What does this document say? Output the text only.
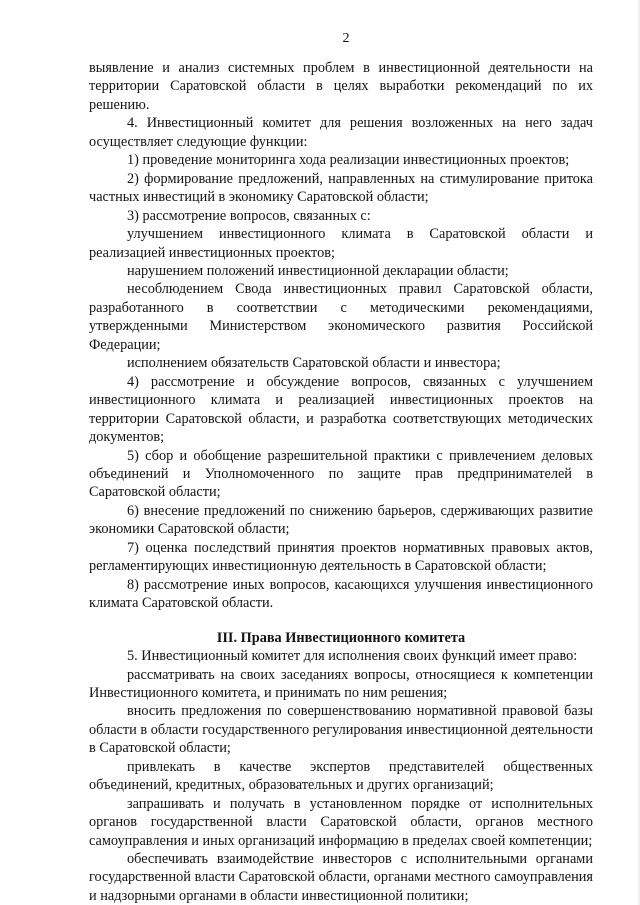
2

выявление и анализ системных проблем в инвестиционной деятельности на территории Саратовской области в целях выработки рекомендаций по их решению.

4. Инвестиционный комитет для решения возложенных на него задач осуществляет следующие функции:

1) проведение мониторинга хода реализации инвестиционных проектов;

2) формирование предложений, направленных на стимулирование притока частных инвестиций в экономику Саратовской области;

3) рассмотрение вопросов, связанных с:

улучшением инвестиционного климата в Саратовской области и реализацией инвестиционных проектов;

нарушением положений инвестиционной декларации области;

несоблюдением Свода инвестиционных правил Саратовской области, разработанного в соответствии с методическими рекомендациями, утвержденными Министерством экономического развития Российской Федерации;

исполнением обязательств Саратовской области и инвестора;

4) рассмотрение и обсуждение вопросов, связанных с улучшением инвестиционного климата и реализацией инвестиционных проектов на территории Саратовской области, и разработка соответствующих методических документов;

5) сбор и обобщение разрешительной практики с привлечением деловых объединений и Уполномоченного по защите прав предпринимателей в Саратовской области;

6) внесение предложений по снижению барьеров, сдерживающих развитие экономики Саратовской области;

7) оценка последствий принятия проектов нормативных правовых актов, регламентирующих инвестиционную деятельность в Саратовской области;

8) рассмотрение иных вопросов, касающихся улучшения инвестиционного климата Саратовской области.

III. Права Инвестиционного комитета

5. Инвестиционный комитет для исполнения своих функций имеет право:

рассматривать на своих заседаниях вопросы, относящиеся к компетенции Инвестиционного комитета, и принимать по ним решения;

вносить предложения по совершенствованию нормативной правовой базы области в области государственного регулирования инвестиционной деятельности в Саратовской области;

привлекать в качестве экспертов представителей общественных объединений, кредитных, образовательных и других организаций;

запрашивать и получать в установленном порядке от исполнительных органов государственной власти Саратовской области, органов местного самоуправления и иных организаций информацию в пределах своей компетенции;

обеспечивать взаимодействие инвесторов с исполнительными органами государственной власти Саратовской области, органами местного самоуправления и надзорными органами в области инвестиционной политики;
